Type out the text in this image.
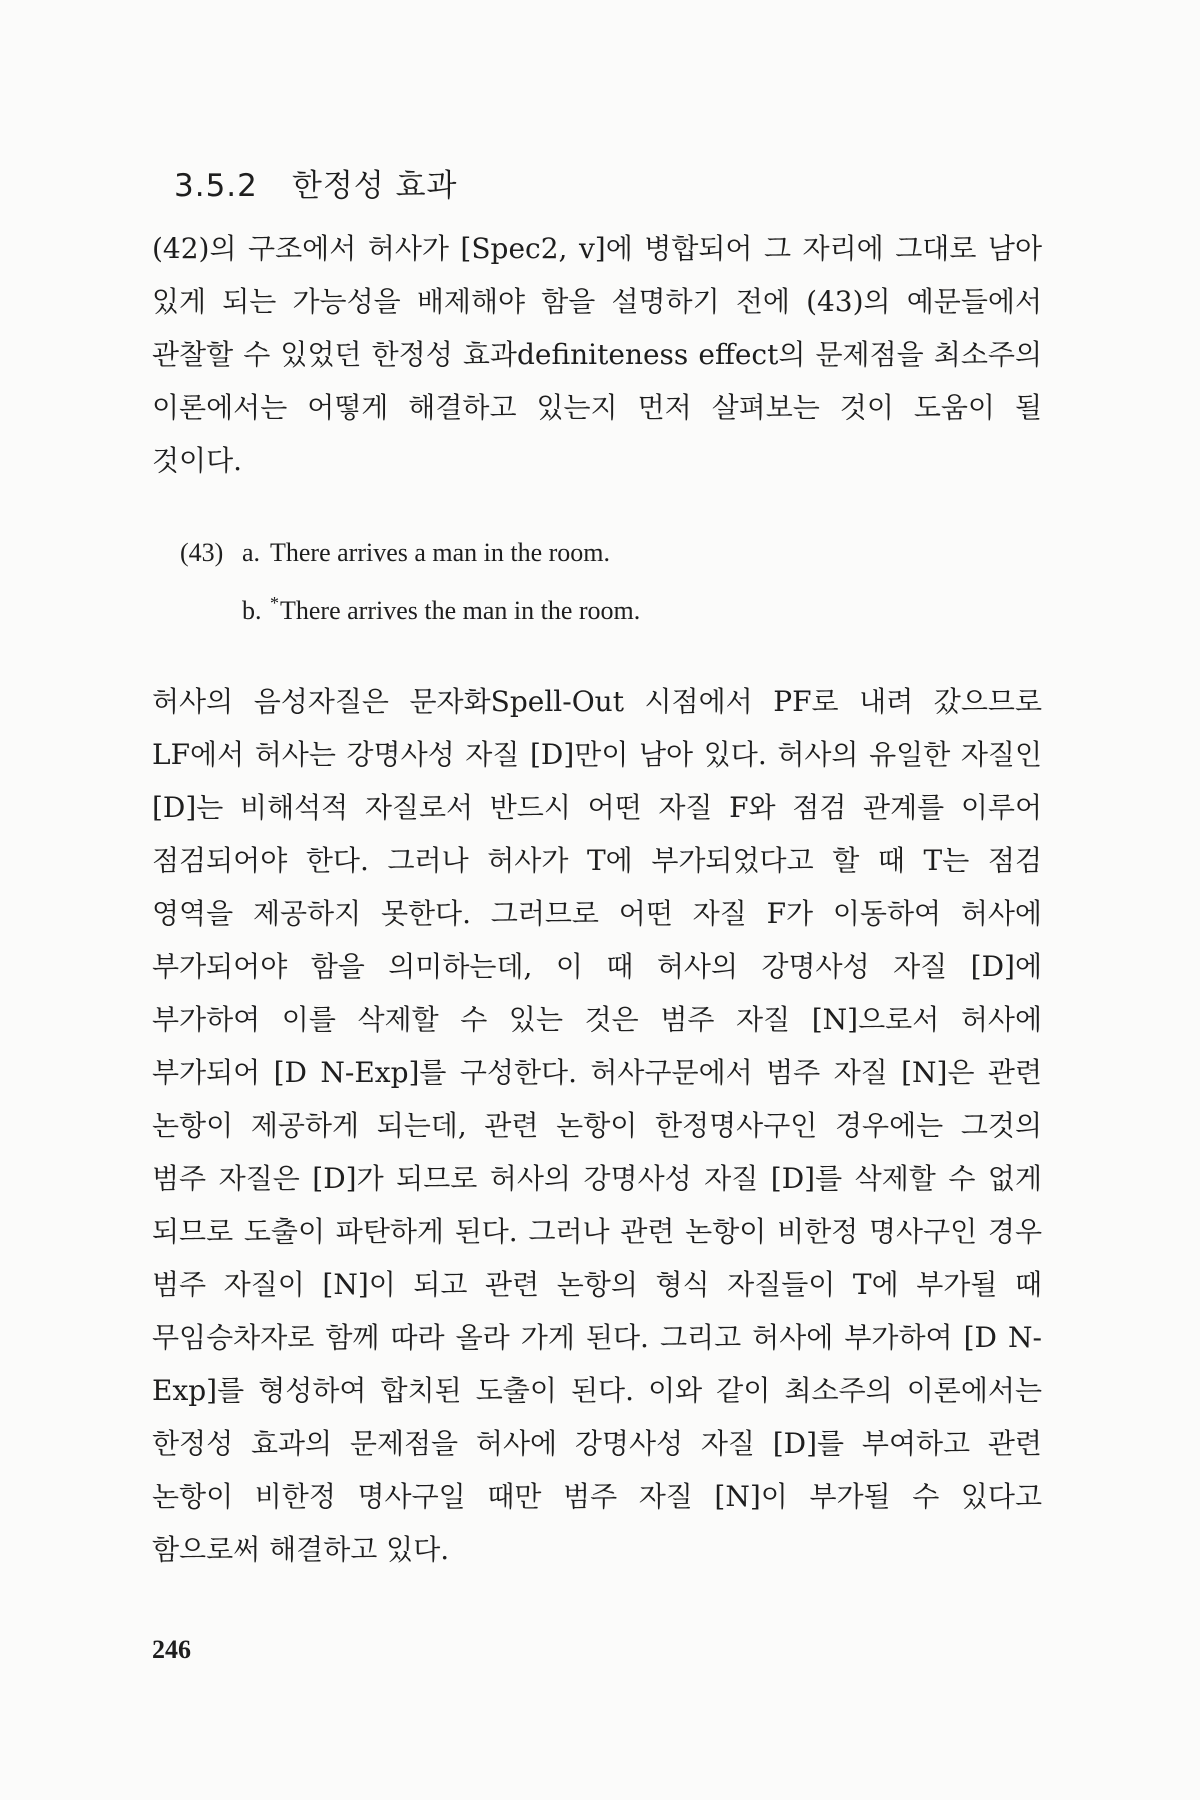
3.5.2 한정성 효과

(42)의 구조에서 허사가 [Spec2, v]에 병합되어 그 자리에 그대로 남아 있게 되는 가능성을 배제해야 함을 설명하기 전에 (43)의 예문들에서 관찰할 수 있었던 한정성 효과definiteness effect의 문제점을 최소주의 이론에서는 어떻게 해결하고 있는지 먼저 살펴보는 것이 도움이 될 것이다.

(43) a. There arrives a man in the room.
b. *There arrives the man in the room.

허사의 음성자질은 문자화Spell-Out 시점에서 PF로 내려 갔으므로 LF에서 허사는 강명사성 자질 [D]만이 남아 있다. 허사의 유일한 자질인 [D]는 비해석적 자질로서 반드시 어떤 자질 F와 점검 관계를 이루어 점검되어야 한다. 그러나 허사가 T에 부가되었다고 할 때 T는 점검 영역을 제공하지 못한다. 그러므로 어떤 자질 F가 이동하여 허사에 부가되어야 함을 의미하는데, 이 때 허사의 강명사성 자질 [D]에 부가하여 이를 삭제할 수 있는 것은 범주 자질 [N]으로서 허사에 부가되어 [D N-Exp]를 구성한다. 허사구문에서 범주 자질 [N]은 관련 논항이 제공하게 되는데, 관련 논항이 한정명사구인 경우에는 그것의 범주 자질은 [D]가 되므로 허사의 강명사성 자질 [D]를 삭제할 수 없게 되므로 도출이 파탄하게 된다. 그러나 관련 논항이 비한정 명사구인 경우 범주 자질이 [N]이 되고 관련 논항의 형식 자질들이 T에 부가될 때 무임승차자로 함께 따라 올라 가게 된다. 그리고 허사에 부가하여 [D N-Exp]를 형성하여 합치된 도출이 된다. 이와 같이 최소주의 이론에서는 한정성 효과의 문제점을 허사에 강명사성 자질 [D]를 부여하고 관련 논항이 비한정 명사구일 때만 범주 자질 [N]이 부가될 수 있다고 함으로써 해결하고 있다.

246
